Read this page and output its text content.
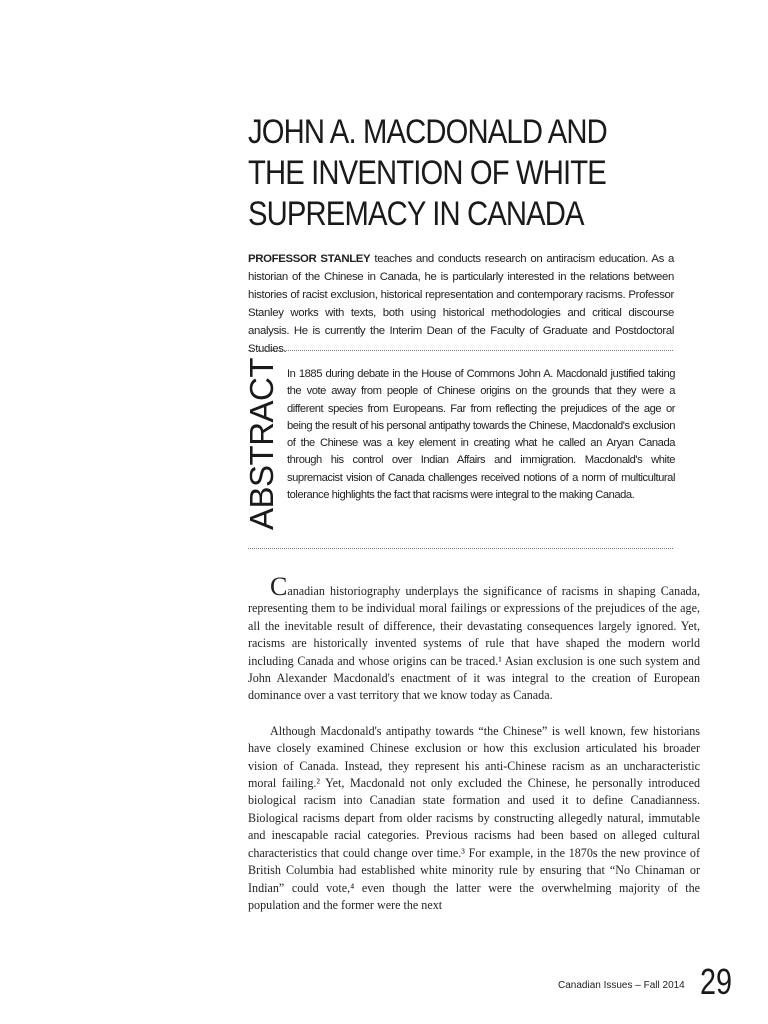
JOHN A. MACDONALD AND
THE INVENTION OF WHITE
SUPREMACY IN CANADA

PROFESSOR STANLEY teaches and conducts research on antiracism education. As a historian of the Chinese in Canada, he is particularly interested in the relations between histories of racist exclusion, historical representation and contemporary racisms. Professor Stanley works with texts, both using historical methodologies and critical discourse analysis. He is currently the Interim Dean of the Faculty of Graduate and Postdoctoral Studies.

ABSTRACT In 1885 during debate in the House of Commons John A. Macdonald justified taking the vote away from people of Chinese origins on the grounds that they were a different species from Europeans. Far from reflecting the prejudices of the age or being the result of his personal antipathy towards the Chinese, Macdonald's exclusion of the Chinese was a key element in creating what he called an Aryan Canada through his control over Indian Affairs and immigration. Macdonald's white supremacist vision of Canada challenges received notions of a norm of multicultural tolerance highlights the fact that racisms were integral to the making Canada.

Canadian historiography underplays the significance of racisms in shaping Canada, representing them to be individual moral failings or expressions of the prejudices of the age, all the inevitable result of difference, their devastating consequences largely ignored. Yet, racisms are historically invented systems of rule that have shaped the modern world including Canada and whose origins can be traced.¹ Asian exclusion is one such system and John Alexander Macdonald's enactment of it was integral to the creation of European dominance over a vast territory that we know today as Canada.

Although Macdonald's antipathy towards “the Chinese” is well known, few historians have closely examined Chinese exclusion or how this exclusion articulated his broader vision of Canada. Instead, they represent his anti-Chinese racism as an uncharacteristic moral failing.² Yet, Macdonald not only excluded the Chinese, he personally introduced biological racism into Canadian state formation and used it to define Canadianness. Biological racisms depart from older racisms by constructing allegedly natural, immutable and inescapable racial categories. Previous racisms had been based on alleged cultural characteristics that could change over time.³ For example, in the 1870s the new province of British Columbia had established white minority rule by ensuring that “No Chinaman or Indian” could vote,⁴ even though the latter were the overwhelming majority of the population and the former were the next

Canadian Issues – Fall 2014 29
